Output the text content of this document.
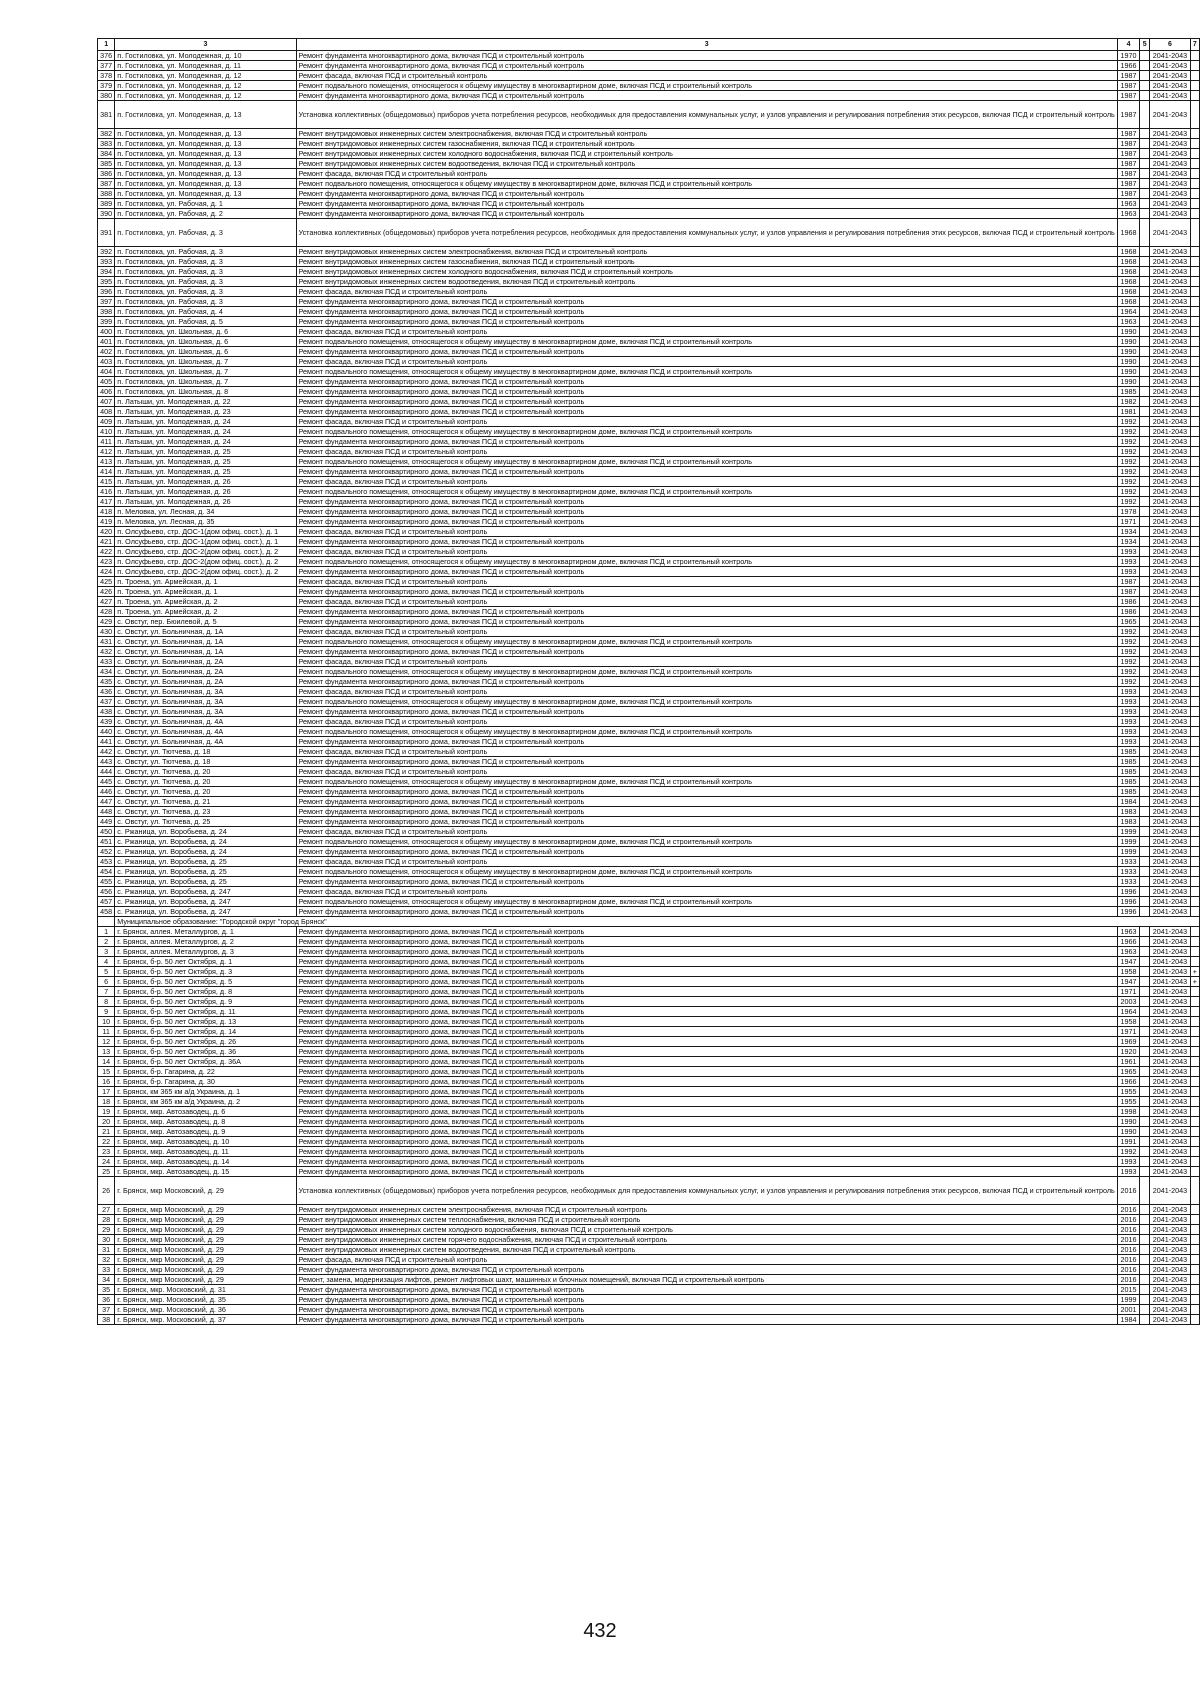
1	3	3	4	5	6	7
376	п. Гостиловка, ул. Молодежная, д. 10	Ремонт фундамента многоквартирного дома, включая ПСД и строительный контроль	1970		2041-2043	
377	п. Гостиловка, ул. Молодежная, д. 11	Ремонт фундамента многоквартирного дома, включая ПСД и строительный контроль	1966		2041-2043	
378	п. Гостиловка, ул. Молодежная, д. 12	Ремонт фасада, включая ПСД и строительный контроль	1987		2041-2043	
379	п. Гостиловка, ул. Молодежная, д. 12	Ремонт подвального помещения, относящегося к общему имуществу в многоквартирном доме, включая ПСД и строительный контроль	1987		2041-2043	
380	п. Гостиловка, ул. Молодежная, д. 12	Ремонт фундамента многоквартирного дома, включая ПСД и строительный контроль	1987		2041-2043	
381	п. Гостиловка, ул. Молодежная, д. 13	Установка коллективных (общедомовых) приборов учета потребления ресурсов, необходимых для предоставления коммунальных услуг, и узлов управления и регулирования потребления этих ресурсов, включая ПСД и строительный контроль	1987		2041-2043	
382	п. Гостиловка, ул. Молодежная, д. 13	Ремонт внутридомовых инженерных систем электроснабжения, включая ПСД и строительный контроль	1987		2041-2043	
383	п. Гостиловка, ул. Молодежная, д. 13	Ремонт внутридомовых инженерных систем газоснабжения, включая ПСД и строительный контроль	1987		2041-2043	
384	п. Гостиловка, ул. Молодежная, д. 13	Ремонт внутридомовых инженерных систем холодного водоснабжения, включая ПСД и строительный контроль	1987		2041-2043	
385	п. Гостиловка, ул. Молодежная, д. 13	Ремонт внутридомовых инженерных систем водоотведения, включая ПСД и строительный контроль	1987		2041-2043	
386	п. Гостиловка, ул. Молодежная, д. 13	Ремонт фасада, включая ПСД и строительный контроль	1987		2041-2043	
387	п. Гостиловка, ул. Молодежная, д. 13	Ремонт подвального помещения, относящегося к общему имуществу в многоквартирном доме, включая ПСД и строительный контроль	1987		2041-2043	
388	п. Гостиловка, ул. Молодежная, д. 13	Ремонт фундамента многоквартирного дома, включая ПСД и строительный контроль	1987		2041-2043	
389	п. Гостиловка, ул. Рабочая, д. 1	Ремонт фундамента многоквартирного дома, включая ПСД и строительный контроль	1963		2041-2043	
390	п. Гостиловка, ул. Рабочая, д. 2	Ремонт фундамента многоквартирного дома, включая ПСД и строительный контроль	1963		2041-2043	
391	п. Гостиловка, ул. Рабочая, д. 3	Установка коллективных (общедомовых) приборов учета потребления ресурсов, необходимых для предоставления коммунальных услуг, и узлов управления и регулирования потребления этих ресурсов, включая ПСД и строительный контроль	1968		2041-2043	
392	п. Гостиловка, ул. Рабочая, д. 3	Ремонт внутридомовых инженерных систем электроснабжения, включая ПСД и строительный контроль	1968		2041-2043	
393	п. Гостиловка, ул. Рабочая, д. 3	Ремонт внутридомовых инженерных систем газоснабжения, включая ПСД и строительный контроль	1968		2041-2043	
394	п. Гостиловка, ул. Рабочая, д. 3	Ремонт внутридомовых инженерных систем холодного водоснабжения, включая ПСД и строительный контроль	1968		2041-2043	
395	п. Гостиловка, ул. Рабочая, д. 3	Ремонт внутридомовых инженерных систем водоотведения, включая ПСД и строительный контроль	1968		2041-2043	
396	п. Гостиловка, ул. Рабочая, д. 3	Ремонт фасада, включая ПСД и строительный контроль	1968		2041-2043	
397	п. Гостиловка, ул. Рабочая, д. 3	Ремонт фундамента многоквартирного дома, включая ПСД и строительный контроль	1968		2041-2043	
398	п. Гостиловка, ул. Рабочая, д. 4	Ремонт фундамента многоквартирного дома, включая ПСД и строительный контроль	1964		2041-2043	
399	п. Гостиловка, ул. Рабочая, д. 5	Ремонт фундамента многоквартирного дома, включая ПСД и строительный контроль	1963		2041-2043	
400	п. Гостиловка, ул. Школьная, д. 6	Ремонт фасада, включая ПСД и строительный контроль	1990		2041-2043	
401	п. Гостиловка, ул. Школьная, д. 6	Ремонт подвального помещения, относящегося к общему имуществу в многоквартирном доме, включая ПСД и строительный контроль	1990		2041-2043	
402	п. Гостиловка, ул. Школьная, д. 6	Ремонт фундамента многоквартирного дома, включая ПСД и строительный контроль	1990		2041-2043	
403	п. Гостиловка, ул. Школьная, д. 7	Ремонт фасада, включая ПСД и строительный контроль	1990		2041-2043	
404	п. Гостиловка, ул. Школьная, д. 7	Ремонт подвального помещения, относящегося к общему имуществу в многоквартирном доме, включая ПСД и строительный контроль	1990		2041-2043	
405	п. Гостиловка, ул. Школьная, д. 7	Ремонт фундамента многоквартирного дома, включая ПСД и строительный контроль	1990		2041-2043	
406	п. Гостиловка, ул. Школьная, д. 8	Ремонт фундамента многоквартирного дома, включая ПСД и строительный контроль	1985		2041-2043	
407	п. Латыши, ул. Молодежная, д. 22	Ремонт фундамента многоквартирного дома, включая ПСД и строительный контроль	1982		2041-2043	
408	п. Латыши, ул. Молодежная, д. 23	Ремонт фундамента многоквартирного дома, включая ПСД и строительный контроль	1981		2041-2043	
409	п. Латыши, ул. Молодежная, д. 24	Ремонт фасада, включая ПСД и строительный контроль	1992		2041-2043	
410	п. Латыши, ул. Молодежная, д. 24	Ремонт подвального помещения, относящегося к общему имуществу в многоквартирном доме, включая ПСД и строительный контроль	1992		2041-2043	
411	п. Латыши, ул. Молодежная, д. 24	Ремонт фундамента многоквартирного дома, включая ПСД и строительный контроль	1992		2041-2043	
412	п. Латыши, ул. Молодежная, д. 25	Ремонт фасада, включая ПСД и строительный контроль	1992		2041-2043	
413	п. Латыши, ул. Молодежная, д. 25	Ремонт подвального помещения, относящегося к общему имуществу в многоквартирном доме, включая ПСД и строительный контроль	1992		2041-2043	
414	п. Латыши, ул. Молодежная, д. 25	Ремонт фундамента многоквартирного дома, включая ПСД и строительный контроль	1992		2041-2043	
415	п. Латыши, ул. Молодежная, д. 26	Ремонт фасада, включая ПСД и строительный контроль	1992		2041-2043	
416	п. Латыши, ул. Молодежная, д. 26	Ремонт подвального помещения, относящегося к общему имуществу в многоквартирном доме, включая ПСД и строительный контроль	1992		2041-2043	
417	п. Латыши, ул. Молодежная, д. 26	Ремонт фундамента многоквартирного дома, включая ПСД и строительный контроль	1992		2041-2043	
418	п. Меловка, ул. Лесная, д. 34	Ремонт фундамента многоквартирного дома, включая ПСД и строительный контроль	1978		2041-2043	
419	п. Меловка, ул. Лесная, д. 35	Ремонт фундамента многоквартирного дома, включая ПСД и строительный контроль	1971		2041-2043	
420	п. Олсуфьево, стр. ДОС-1(дом офиц. сост.), д. 1	Ремонт фасада, включая ПСД и строительный контроль	1934		2041-2043	
421	п. Олсуфьево, стр. ДОС-1(дом офиц. сост.), д. 1	Ремонт фундамента многоквартирного дома, включая ПСД и строительный контроль	1934		2041-2043	
422	п. Олсуфьево, стр. ДОС-2(дом офиц. сост.), д. 2	Ремонт фасада, включая ПСД и строительный контроль	1993		2041-2043	
423	п. Олсуфьево, стр. ДОС-2(дом офиц. сост.), д. 2	Ремонт подвального помещения, относящегося к общему имуществу в многоквартирном доме, включая ПСД и строительный контроль	1993		2041-2043	
424	п. Олсуфьево, стр. ДОС-2(дом офиц. сост.), д. 2	Ремонт фундамента многоквартирного дома, включая ПСД и строительный контроль	1993		2041-2043	
425	п. Троена, ул. Армейская, д. 1	Ремонт фасада, включая ПСД и строительный контроль	1987		2041-2043	
426	п. Троена, ул. Армейская, д. 1	Ремонт фундамента многоквартирного дома, включая ПСД и строительный контроль	1987		2041-2043	
427	п. Троена, ул. Армейская, д. 2	Ремонт фасада, включая ПСД и строительный контроль	1986		2041-2043	
428	п. Троена, ул. Армейская, д. 2	Ремонт фундамента многоквартирного дома, включая ПСД и строительный контроль	1986		2041-2043	
429	с. Овстуг, пер. Бюилевой, д. 5	Ремонт фундамента многоквартирного дома, включая ПСД и строительный контроль	1965		2041-2043	
430	с. Овстуг, ул. Больничная, д. 1А	Ремонт фасада, включая ПСД и строительный контроль	1992		2041-2043	
431	с. Овстуг, ул. Больничная, д. 1А	Ремонт подвального помещения, относящегося к общему имуществу в многоквартирном доме, включая ПСД и строительный контроль	1992		2041-2043	
432	с. Овстуг, ул. Больничная, д. 1А	Ремонт фундамента многоквартирного дома, включая ПСД и строительный контроль	1992		2041-2043	
433	с. Овстуг, ул. Больничная, д. 2А	Ремонт фасада, включая ПСД и строительный контроль	1992		2041-2043	
434	с. Овстуг, ул. Больничная, д. 2А	Ремонт подвального помещения, относящегося к общему имуществу в многоквартирном доме, включая ПСД и строительный контроль	1992		2041-2043	
435	с. Овстуг, ул. Больничная, д. 2А	Ремонт фундамента многоквартирного дома, включая ПСД и строительный контроль	1992		2041-2043	
436	с. Овстуг, ул. Больничная, д. 3А	Ремонт фасада, включая ПСД и строительный контроль	1993		2041-2043	
437	с. Овстуг, ул. Больничная, д. 3А	Ремонт подвального помещения, относящегося к общему имуществу в многоквартирном доме, включая ПСД и строительный контроль	1993		2041-2043	
438	с. Овстуг, ул. Больничная, д. 3А	Ремонт фундамента многоквартирного дома, включая ПСД и строительный контроль	1993		2041-2043	
439	с. Овстуг, ул. Больничная, д. 4А	Ремонт фасада, включая ПСД и строительный контроль	1993		2041-2043	
440	с. Овстуг, ул. Больничная, д. 4А	Ремонт подвального помещения, относящегося к общему имуществу в многоквартирном доме, включая ПСД и строительный контроль	1993		2041-2043	
441	с. Овстуг, ул. Больничная, д. 4А	Ремонт фундамента многоквартирного дома, включая ПСД и строительный контроль	1993		2041-2043	
442	с. Овстуг, ул. Тютчева, д. 18	Ремонт фасада, включая ПСД и строительный контроль	1985		2041-2043	
443	с. Овстуг, ул. Тютчева, д. 18	Ремонт фундамента многоквартирного дома, включая ПСД и строительный контроль	1985		2041-2043	
444	с. Овстуг, ул. Тютчева, д. 20	Ремонт фасада, включая ПСД и строительный контроль	1985		2041-2043	
445	с. Овстуг, ул. Тютчева, д. 20	Ремонт подвального помещения, относящегося к общему имуществу в многоквартирном доме, включая ПСД и строительный контроль	1985		2041-2043	
446	с. Овстуг, ул. Тютчева, д. 20	Ремонт фундамента многоквартирного дома, включая ПСД и строительный контроль	1985		2041-2043	
447	с. Овстуг, ул. Тютчева, д. 21	Ремонт фундамента многоквартирного дома, включая ПСД и строительный контроль	1984		2041-2043	
448	с. Овстуг, ул. Тютчева, д. 23	Ремонт фундамента многоквартирного дома, включая ПСД и строительный контроль	1983		2041-2043	
449	с. Овстуг, ул. Тютчева, д. 25	Ремонт фундамента многоквартирного дома, включая ПСД и строительный контроль	1983		2041-2043	
450	с. Ржаница, ул. Воробьева, д. 24	Ремонт фасада, включая ПСД и строительный контроль	1999		2041-2043	
451	с. Ржаница, ул. Воробьева, д. 24	Ремонт подвального помещения, относящегося к общему имуществу в многоквартирном доме, включая ПСД и строительный контроль	1999		2041-2043	
452	с. Ржаница, ул. Воробьева, д. 24	Ремонт фундамента многоквартирного дома, включая ПСД и строительный контроль	1999		2041-2043	
453	с. Ржаница, ул. Воробьева, д. 25	Ремонт фасада, включая ПСД и строительный контроль	1933		2041-2043	
454	с. Ржаница, ул. Воробьева, д. 25	Ремонт подвального помещения, относящегося к общему имуществу в многоквартирном доме, включая ПСД и строительный контроль	1933		2041-2043	
455	с. Ржаница, ул. Воробьева, д. 25	Ремонт фундамента многоквартирного дома, включая ПСД и строительный контроль	1933		2041-2043	
456	с. Ржаница, ул. Воробьева, д. 247	Ремонт фасада, включая ПСД и строительный контроль	1996		2041-2043	
457	с. Ржаница, ул. Воробьева, д. 247	Ремонт подвального помещения, относящегося к общему имуществу в многоквартирном доме, включая ПСД и строительный контроль	1996		2041-2043	
458	с. Ржаница, ул. Воробьева, д. 247	Ремонт фундамента многоквартирного дома, включая ПСД и строительный контроль	1996		2041-2043	
	Муниципальное образование: "Городской округ "город Брянск"					
1	г. Брянск, аллея. Металлургов, д. 1	Ремонт фундамента многоквартирного дома, включая ПСД и строительный контроль	1963		2041-2043	
2	г. Брянск, аллея. Металлургов, д. 2	Ремонт фундамента многоквартирного дома, включая ПСД и строительный контроль	1966		2041-2043	
3	г. Брянск, аллея. Металлургов, д. 3	Ремонт фундамента многоквартирного дома, включая ПСД и строительный контроль	1963		2041-2043	
4	г. Брянск, б-р. 50 лет Октября, д. 1	Ремонт фундамента многоквартирного дома, включая ПСД и строительный контроль	1947		2041-2043	
5	г. Брянск, б-р. 50 лет Октября, д. 3	Ремонт фундамента многоквартирного дома, включая ПСД и строительный контроль	1958		2041-2043	+
6	г. Брянск, б-р. 50 лет Октября, д. 5	Ремонт фундамента многоквартирного дома, включая ПСД и строительный контроль	1947		2041-2043	+
7	г. Брянск, б-р. 50 лет Октября, д. 8	Ремонт фундамента многоквартирного дома, включая ПСД и строительный контроль	1971		2041-2043	
8	г. Брянск, б-р. 50 лет Октября, д. 9	Ремонт фундамента многоквартирного дома, включая ПСД и строительный контроль	2003		2041-2043	
9	г. Брянск, б-р. 50 лет Октября, д. 11	Ремонт фундамента многоквартирного дома, включая ПСД и строительный контроль	1964		2041-2043	
10	г. Брянск, б-р. 50 лет Октября, д. 13	Ремонт фундамента многоквартирного дома, включая ПСД и строительный контроль	1958		2041-2043	
11	г. Брянск, б-р. 50 лет Октября, д. 14	Ремонт фундамента многоквартирного дома, включая ПСД и строительный контроль	1971		2041-2043	
12	г. Брянск, б-р. 50 лет Октября, д. 26	Ремонт фундамента многоквартирного дома, включая ПСД и строительный контроль	1969		2041-2043	
13	г. Брянск, б-р. 50 лет Октября, д. 36	Ремонт фундамента многоквартирного дома, включая ПСД и строительный контроль	1920		2041-2043	
14	г. Брянск, б-р. 50 лет Октября, д. 36А	Ремонт фундамента многоквартирного дома, включая ПСД и строительный контроль	1961		2041-2043	
15	г. Брянск, б-р. Гагарина, д. 22	Ремонт фундамента многоквартирного дома, включая ПСД и строительный контроль	1965		2041-2043	
16	г. Брянск, б-р. Гагарина, д. 30	Ремонт фундамента многоквартирного дома, включая ПСД и строительный контроль	1966		2041-2043	
17	г. Брянск, км 365 км а/д Украина, д. 1	Ремонт фундамента многоквартирного дома, включая ПСД и строительный контроль	1955		2041-2043	
18	г. Брянск, км 365 км а/д Украина, д. 2	Ремонт фундамента многоквартирного дома, включая ПСД и строительный контроль	1955		2041-2043	
19	г. Брянск, мкр. Автозаводец, д. 6	Ремонт фундамента многоквартирного дома, включая ПСД и строительный контроль	1998		2041-2043	
20	г. Брянск, мкр. Автозаводец, д. 8	Ремонт фундамента многоквартирного дома, включая ПСД и строительный контроль	1990		2041-2043	
21	г. Брянск, мкр. Автозаводец, д. 9	Ремонт фундамента многоквартирного дома, включая ПСД и строительный контроль	1990		2041-2043	
22	г. Брянск, мкр. Автозаводец, д. 10	Ремонт фундамента многоквартирного дома, включая ПСД и строительный контроль	1991		2041-2043	
23	г. Брянск, мкр. Автозаводец, д. 11	Ремонт фундамента многоквартирного дома, включая ПСД и строительный контроль	1992		2041-2043	
24	г. Брянск, мкр. Автозаводец, д. 14	Ремонт фундамента многоквартирного дома, включая ПСД и строительный контроль	1993		2041-2043	
25	г. Брянск, мкр. Автозаводец, д. 15	Ремонт фундамента многоквартирного дома, включая ПСД и строительный контроль	1993		2041-2043	
26	г. Брянск, мкр Московский, д. 29	Установка коллективных (общедомовых) приборов учета потребления ресурсов, необходимых для предоставления коммунальных услуг, и узлов управления и регулирования потребления этих ресурсов, включая ПСД и строительный контроль	2016		2041-2043	
27	г. Брянск, мкр Московский, д. 29	Ремонт внутридомовых инженерных систем электроснабжения, включая ПСД и строительный контроль	2016		2041-2043	
28	г. Брянск, мкр Московский, д. 29	Ремонт внутридомовых инженерных систем теплоснабжения, включая ПСД и строительный контроль	2016		2041-2043	
29	г. Брянск, мкр Московский, д. 29	Ремонт внутридомовых инженерных систем холодного водоснабжения, включая ПСД и строительный контроль	2016		2041-2043	
30	г. Брянск, мкр Московский, д. 29	Ремонт внутридомовых инженерных систем горячего водоснабжения, включая ПСД и строительный контроль	2016		2041-2043	
31	г. Брянск, мкр Московский, д. 29	Ремонт внутридомовых инженерных систем водоотведения, включая ПСД и строительный контроль	2016		2041-2043	
32	г. Брянск, мкр Московский, д. 29	Ремонт фасада, включая ПСД и строительный контроль	2016		2041-2043	
33	г. Брянск, мкр Московский, д. 29	Ремонт фундамента многоквартирного дома, включая ПСД и строительный контроль	2016		2041-2043	
34	г. Брянск, мкр Московский, д. 29	Ремонт, замена, модернизация лифтов, ремонт лифтовых шахт, машинных и блочных помещений, включая ПСД и строительный контроль	2016		2041-2043	
35	г. Брянск, мкр. Московский, д. 31	Ремонт фундамента многоквартирного дома, включая ПСД и строительный контроль	2015		2041-2043	
36	г. Брянск, мкр. Московский, д. 35	Ремонт фундамента многоквартирного дома, включая ПСД и строительный контроль	1999		2041-2043	
37	г. Брянск, мкр. Московский, д. 36	Ремонт фундамента многоквартирного дома, включая ПСД и строительный контроль	2001		2041-2043	
38	г. Брянск, мкр. Московский, д. 37	Ремонт фундамента многоквартирного дома, включая ПСД и строительный контроль	1984		2041-2043	
432
